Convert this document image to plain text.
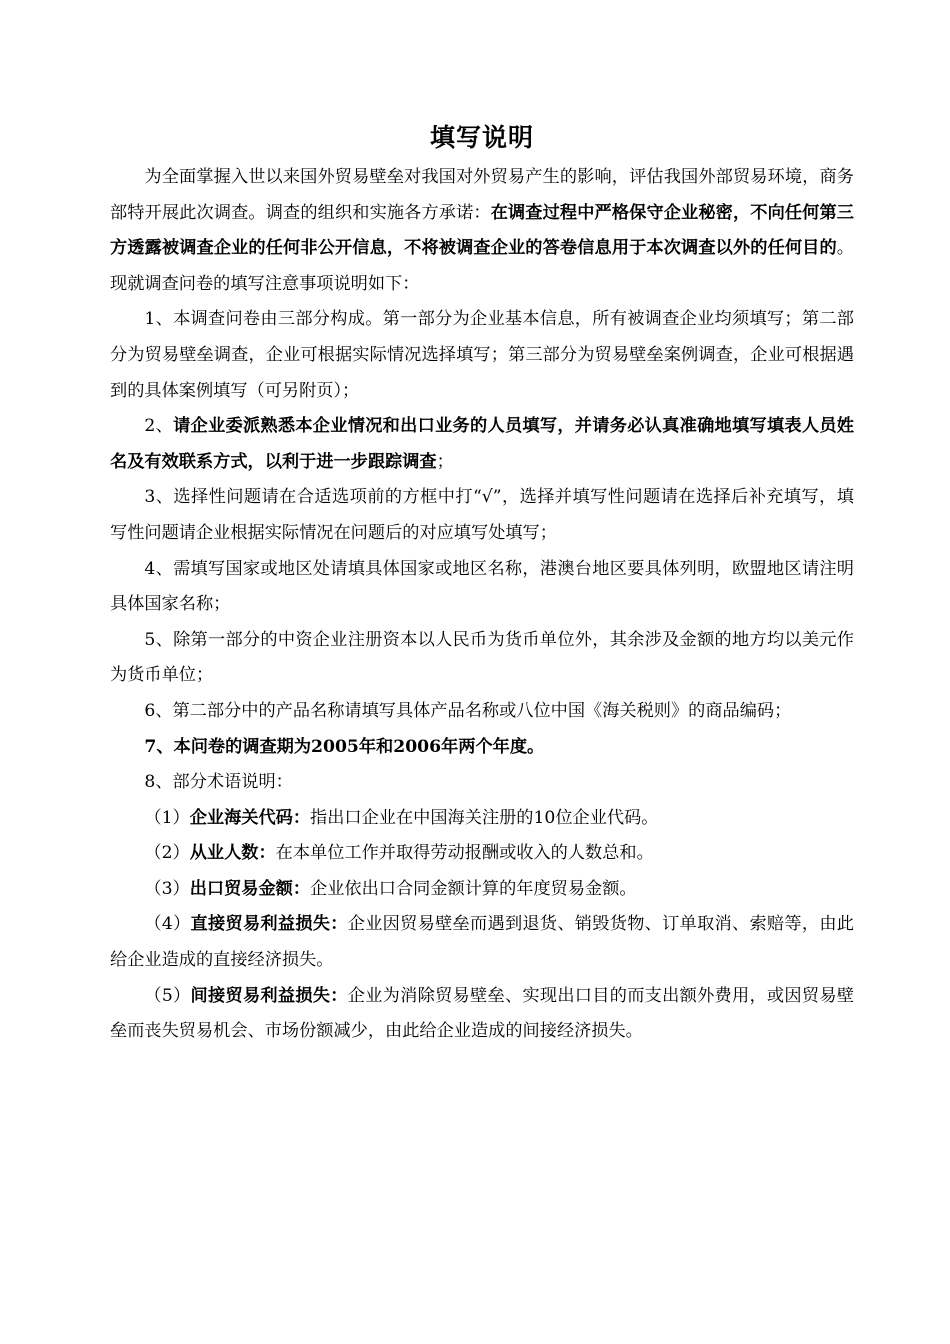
填写说明

为全面掌握入世以来国外贸易壁垒对我国对外贸易产生的影响，评估我国外部贸易环境，商务部特开展此次调查。调查的组织和实施各方承诺：在调查过程中严格保守企业秘密，不向任何第三方透露被调查企业的任何非公开信息，不将被调查企业的答卷信息用于本次调查以外的任何目的。现就调查问卷的填写注意事项说明如下：

1、本调查问卷由三部分构成。第一部分为企业基本信息，所有被调查企业均须填写；第二部分为贸易壁垒调查，企业可根据实际情况选择填写；第三部分为贸易壁垒案例调查，企业可根据遇到的具体案例填写（可另附页）；

2、请企业委派熟悉本企业情况和出口业务的人员填写，并请务必认真准确地填写填表人员姓名及有效联系方式，以利于进一步跟踪调查；

3、选择性问题请在合适选项前的方框中打“√”，选择并填写性问题请在选择后补充填写，填写性问题请企业根据实际情况在问题后的对应填写处填写；

4、需填写国家或地区处请填具体国家或地区名称，港澳台地区要具体列明，欧盟地区请注明具体国家名称；

5、除第一部分的中资企业注册资本以人民币为货币单位外，其余涉及金额的地方均以美元作为货币单位；

6、第二部分中的产品名称请填写具体产品名称或八位中国《海关税则》的商品编码；

7、本问卷的调查期为2005年和2006年两个年度。

8、部分术语说明：

（1）企业海关代码：指出口企业在中国海关注册的10位企业代码。

（2）从业人数：在本单位工作并取得劳动报酬或收入的人数总和。

（3）出口贸易金额：企业依出口合同金额计算的年度贸易金额。

（4）直接贸易利益损失：企业因贸易壁垒而遇到退货、销毁货物、订单取消、索赔等，由此给企业造成的直接经济损失。

（5）间接贸易利益损失：企业为消除贸易壁垒、实现出口目的而支出额外费用，或因贸易壁垒而丧失贸易机会、市场份额减少，由此给企业造成的间接经济损失。
